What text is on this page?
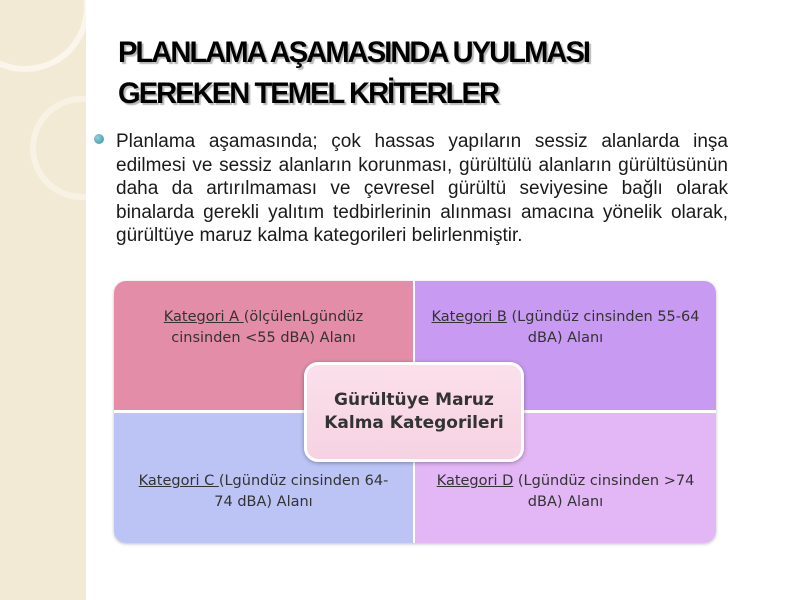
PLANLAMA AŞAMASINDA UYULMASI
GEREKEN TEMEL KRİTERLER

Planlama aşamasında; çok hassas yapıların sessiz alanlarda inşa edilmesi ve sessiz alanların korunması, gürültülü alanların gürültüsünün daha da artırılmaması ve çevresel gürültü seviyesine bağlı olarak binalarda gerekli yalıtım tedbirlerinin alınması amacına yönelik olarak, gürültüye maruz kalma kategorileri belirlenmiştir.

Kategori A (ölçülenLgündüz cinsinden <55 dBA) Alanı
Kategori B (Lgündüz cinsinden 55-64 dBA) Alanı
Kategori C (Lgündüz cinsinden 64-74 dBA) Alanı
Kategori D (Lgündüz cinsinden >74 dBA) Alanı
Gürültüye Maruz
Kalma Kategorileri
